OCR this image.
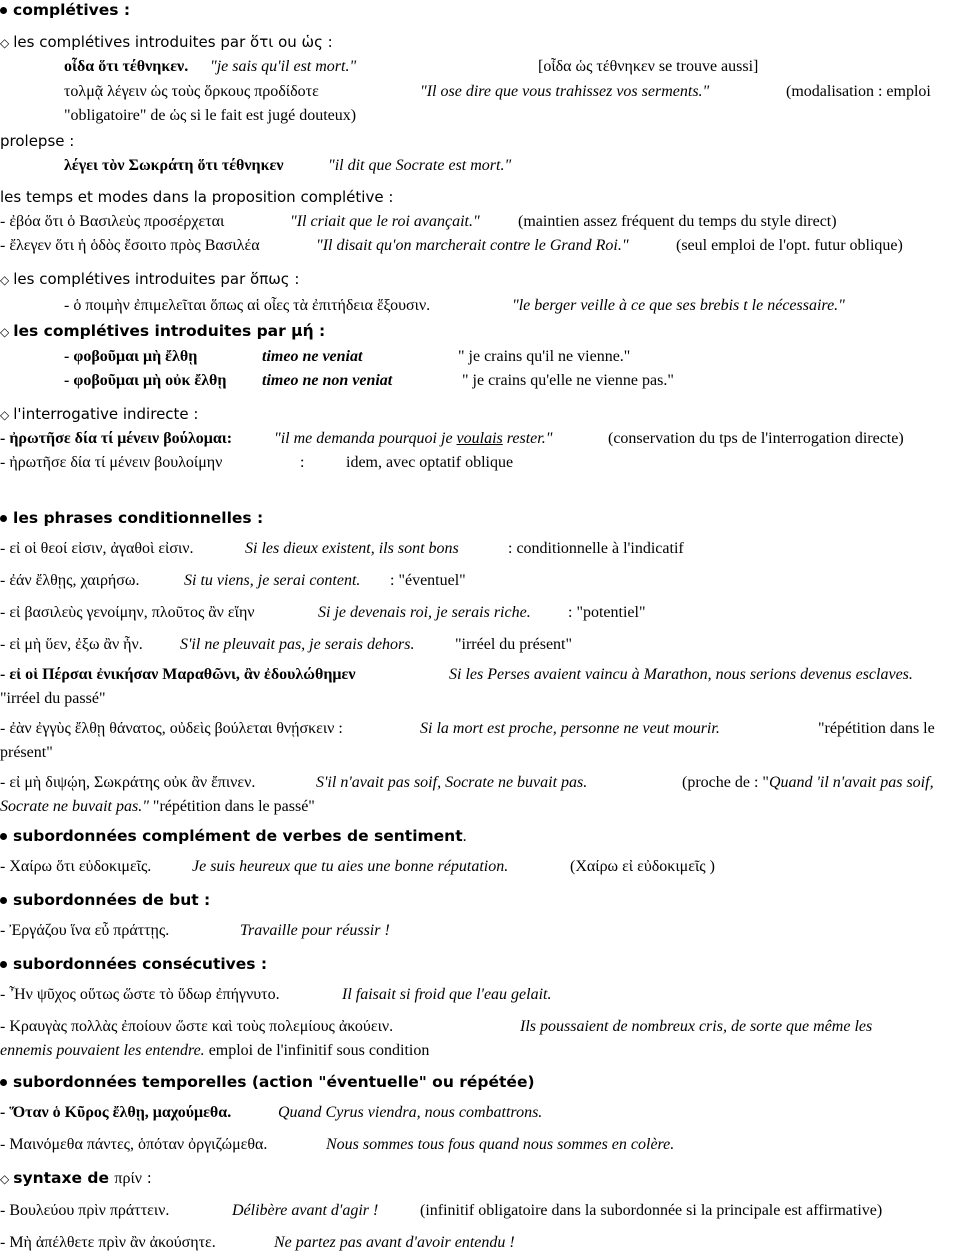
complétives :
◇ les complétives introduites par ὅτι ou ὡς :
οἶδα ὅτι τέθνηκεν. "je sais qu'il est mort."	[οἶδα ὡς τέθνηκεν se trouve aussi]
τολμᾷ λέγειν ὡς τοὺς ὅρκους προδίδοτε	"Il ose dire que vous trahissez vos serments."	(modalisation : emploi
"obligatoire" de ὡς si le fait est jugé douteux)
prolepse :
λέγει τὸν Σωκράτη ὅτι τέθνηκεν	"il dit que Socrate est mort."
les temps et modes dans la proposition complétive :
- ἐβόα ὅτι ὁ Βασιλεὺς προσέρχεται	"Il criait que le roi avançait." (maintien assez fréquent du temps du style direct)
- ἔλεγεν ὅτι ἡ ὁδὸς ἔσοιτο πρὸς Βασιλέα	"Il disait qu'on marcherait contre le Grand Roi."	(seul emploi de l'opt. futur oblique)
◇ les complétives introduites par ὅπως :
- ὁ ποιμὴν ἐπιμελεῖται ὅπως αἱ οἶες τὰ ἐπιτήδεια ἕξουσιν.	"le berger veille à ce que ses brebis t le nécessaire."
◇ les complétives introduites par μή :
- φοβοῦμαι μὴ ἔλθῃ	timeo ne veniat	" je crains qu'il ne vienne."
- φοβοῦμαι μὴ οὐκ ἔλθῃ timeo ne non veniat	" je crains qu'elle ne vienne pas."
◇ l'interrogative indirecte :
- ἠρωτῆσε δία τί μένειν βούλομαι:	"il me demanda pourquoi je voulais rester."	(conservation du tps de l'interrogation directe)
- ἠρωτῆσε δία τί μένειν βουλοίμην	:	idem, avec optatif oblique
les phrases conditionnelles :
- εἰ οἱ θεοί εἰσιν, ἀγαθοὶ εἰσιν.	Si les dieux existent, ils sont bons	: conditionnelle à l'indicatif
- ἐάν ἔλθῃς, χαιρήσω.	Si tu viens, je serai content. : "éventuel"
- εἰ βασιλεὺς γενοίμην, πλοῦτος ἂν εἴην	Si je devenais roi, je serais riche. : "potentiel"
- εἰ μὴ ὕεν, ἐξω ἂν ἦν. S'il ne pleuvait pas, je serais dehors.	"irréel du présent"
- εἰ οἱ Πέρσαι ἐνικήσαν Μαραθῶνι, ἂν ἐδουλώθημεν	Si les Perses avaient vaincu à Marathon, nous serions devenus esclaves.
"irréel du passé"
- ἐὰν ἐγγὺς ἔλθῃ θάνατος, οὐδεὶς βούλεται θνῄσκειν :	Si la mort est proche, personne ne veut mourir.	"répétition dans le
présent"
- εἰ μὴ διψῴη, Σωκράτης οὐκ ἂν ἔπινεν.	S'il n'avait pas soif, Socrate ne buvait pas.	(proche de : "Quand 'il n'avait pas soif,
Socrate ne buvait pas." "répétition dans le passé"
subordonnées complément de verbes de sentiment.
- Χαίρω ὅτι εὐδοκιμεῖς.	Je suis heureux que tu aies une bonne réputation.	(Χαίρω εἰ εὐδοκιμεῖς )
subordonnées de but :
- Ἐργάζου ἵνα εὖ πράττῃς.	Travaille pour réussir !
subordonnées consécutives :
- Ἦν ψῦχος οὕτως ὥστε τὸ ὕδωρ ἐπήγνυτο.	Il faisait si froid que l'eau gelait.
- Κραυγὰς πολλὰς ἐποίουν ὥστε καὶ τοὺς πολεμίους ἀκούειν.	Ils poussaient de nombreux cris, de sorte que même les
ennemis pouvaient les entendre. emploi de l'infinitif sous condition
subordonnées temporelles (action "éventuelle" ou répétée)
- Ὅταν ὁ Κῦρος ἔλθῃ, μαχούμεθα.	Quand Cyrus viendra, nous combattrons.
- Μαινόμεθα πάντες, ὁπόταν ὀργιζώμεθα.	Nous sommes tous fous quand nous sommes en colère.
◇ syntaxe de πρίν :
- Βουλεύου πρὶν πράττειν.	Délibère avant d'agir !	(infinitif obligatoire dans la subordonnée si la principale est affirmative)
- Μὴ ἀπέλθετε πρὶν ἂν ἀκούσητε.	Ne partez pas avant d'avoir entendu !
